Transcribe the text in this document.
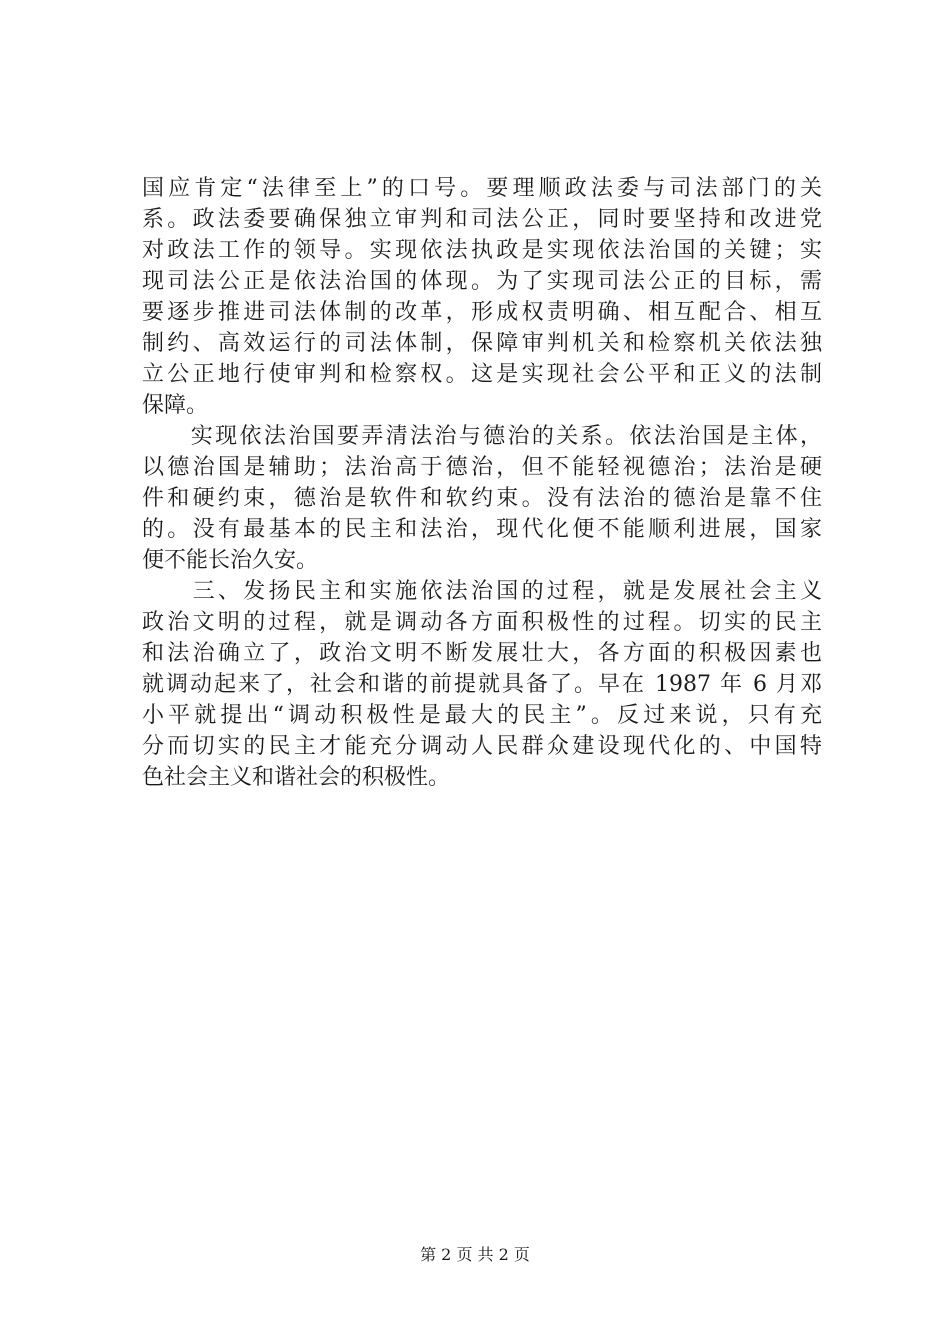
国应肯定“法律至上”的口号。要理顺政法委与司法部门的关
系。政法委要确保独立审判和司法公正，同时要坚持和改进党
对政法工作的领导。实现依法执政是实现依法治国的关键；实
现司法公正是依法治国的体现。为了实现司法公正的目标，需
要逐步推进司法体制的改革，形成权责明确、相互配合、相互
制约、高效运行的司法体制，保障审判机关和检察机关依法独
立公正地行使审判和检察权。这是实现社会公平和正义的法制
保障。
　　实现依法治国要弄清法治与德治的关系。依法治国是主体，
以德治国是辅助；法治高于德治，但不能轻视德治；法治是硬
件和硬约束，德治是软件和软约束。没有法治的德治是靠不住
的。没有最基本的民主和法治，现代化便不能顺利进展，国家
便不能长治久安。
　　三、发扬民主和实施依法治国的过程，就是发展社会主义
政治文明的过程，就是调动各方面积极性的过程。切实的民主
和法治确立了，政治文明不断发展壮大，各方面的积极因素也
就调动起来了，社会和谐的前提就具备了。早在 1987 年 6 月邓
小平就提出“调动积极性是最大的民主”。反过来说，只有充
分而切实的民主才能充分调动人民群众建设现代化的、中国特
色社会主义和谐社会的积极性。
第 2 页 共 2 页
